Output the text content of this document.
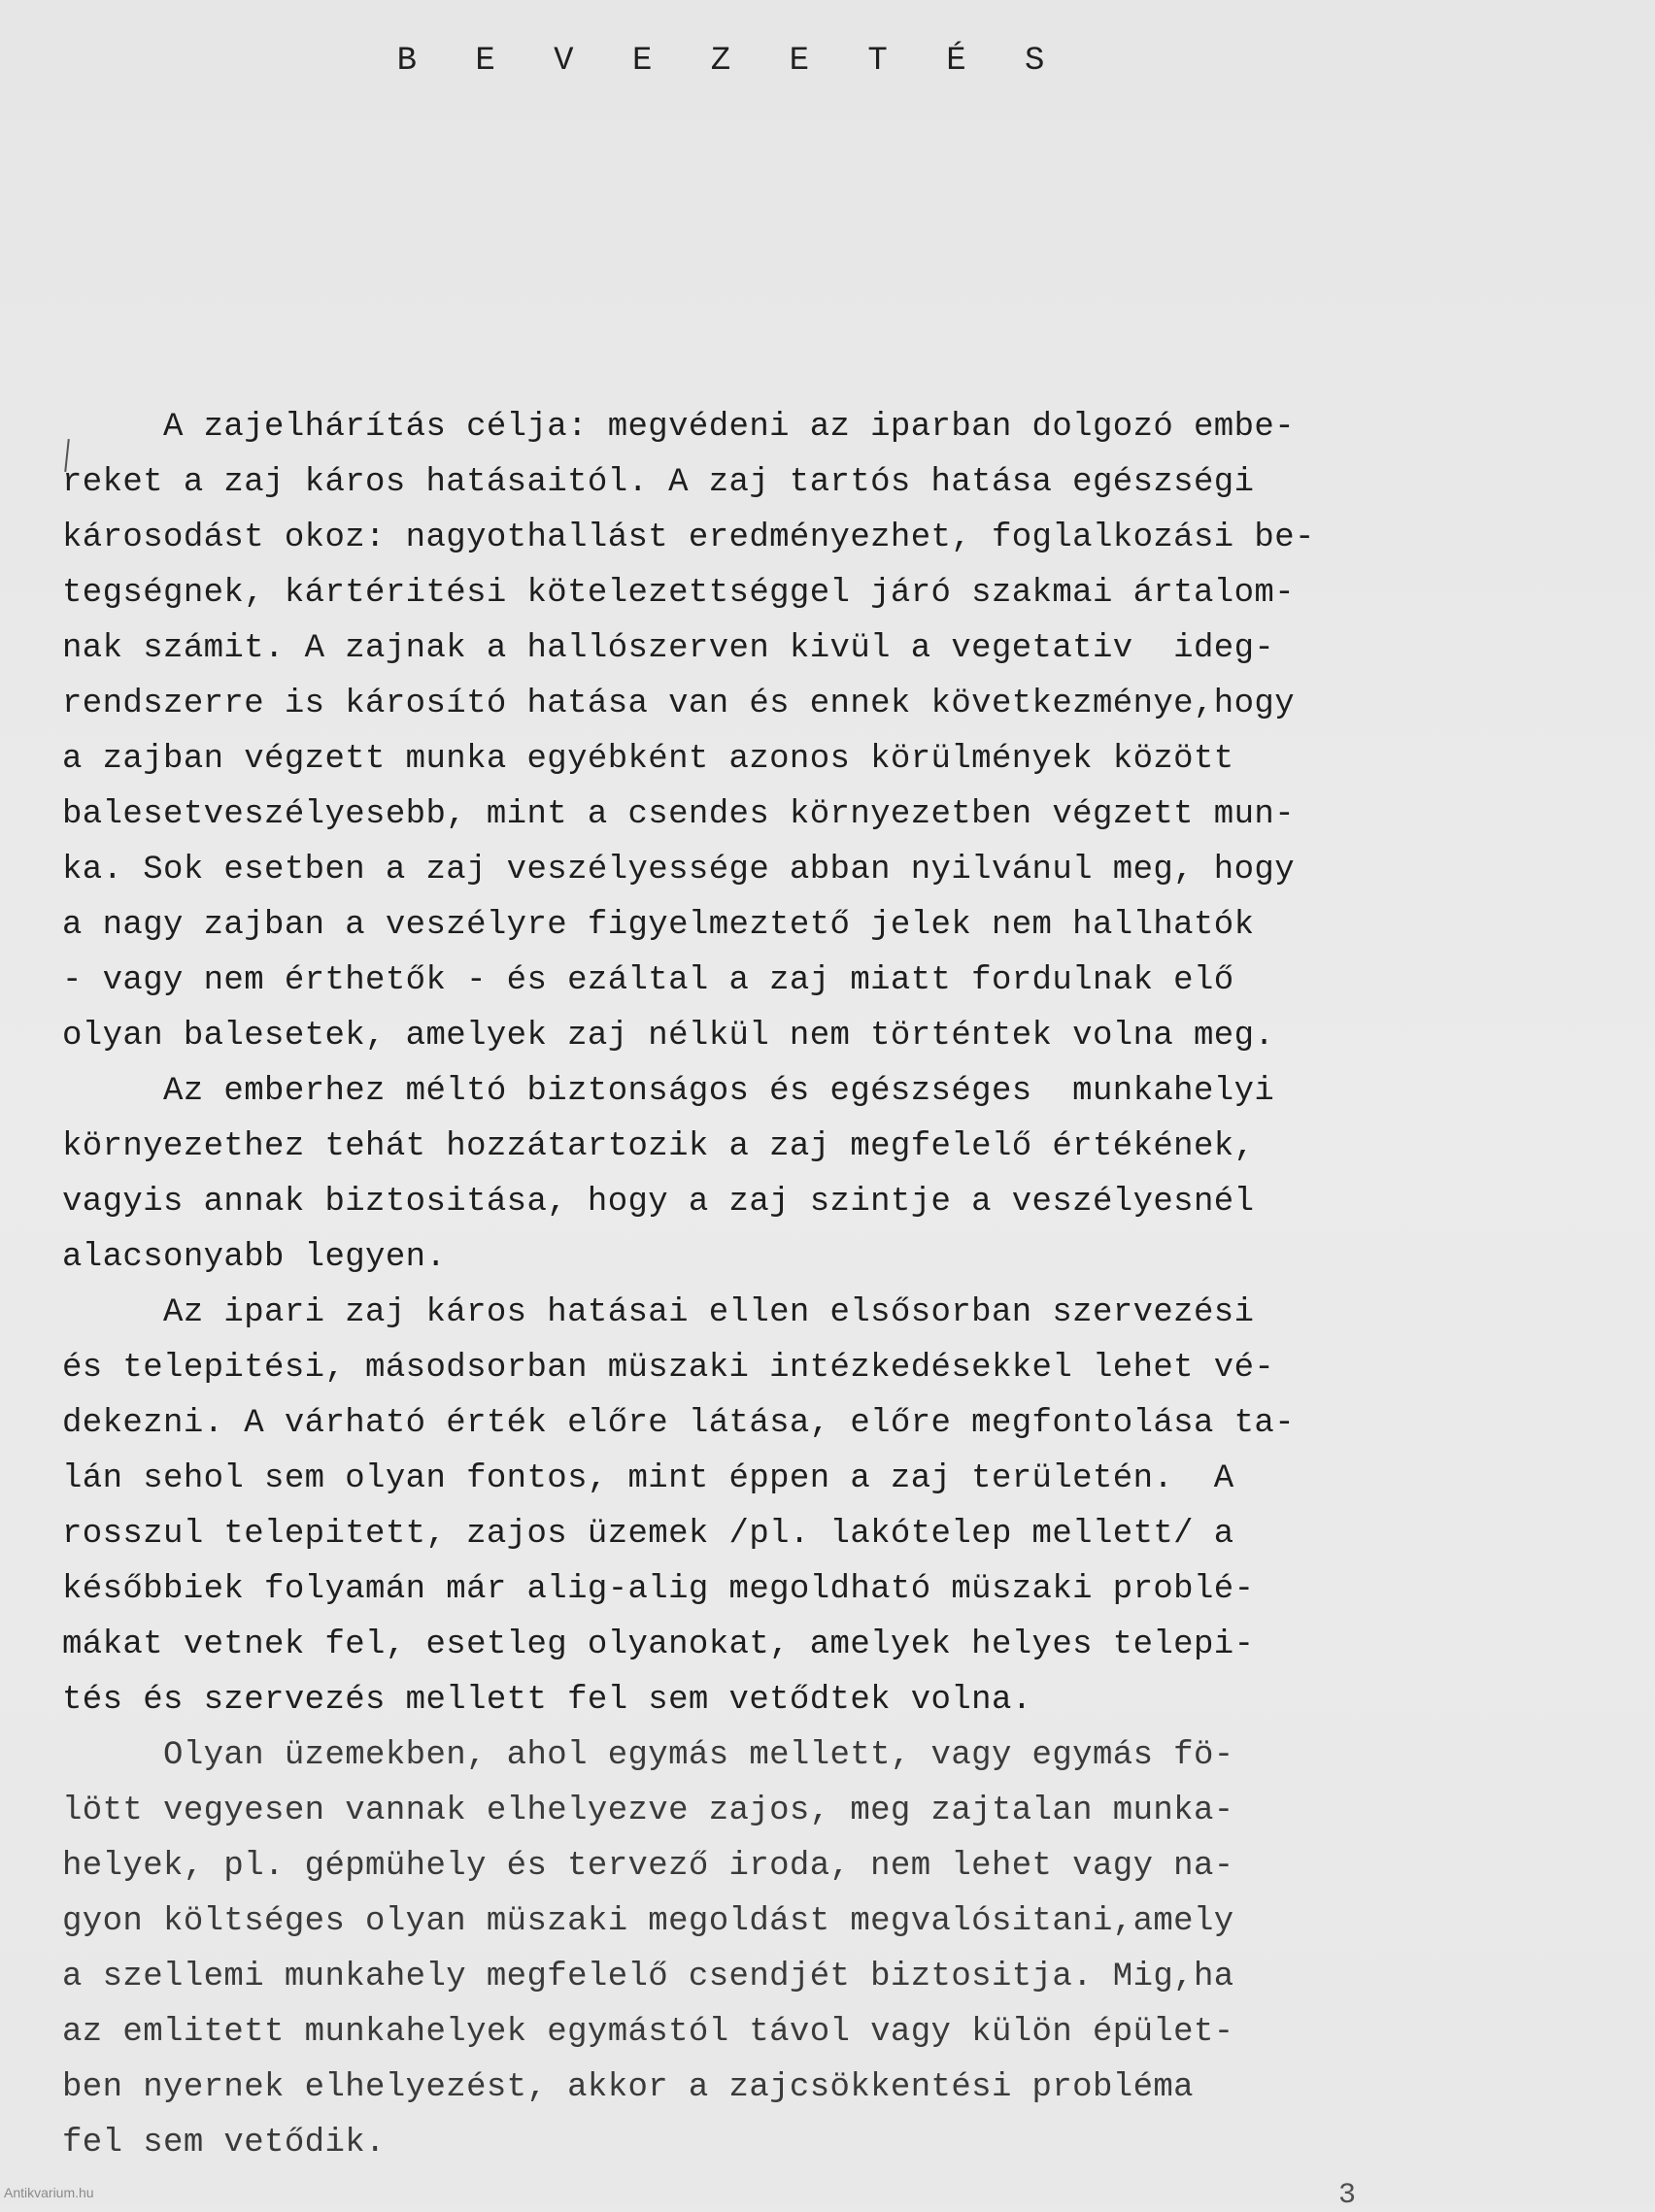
B E V E Z E T É S
A zajelhárítás célja: megvédeni az iparban dolgozó embe-
reket a zaj káros hatásaitól. A zaj tartós hatása egészségi
károsodást okoz: nagyothallást eredményezhet, foglalkozási be-
tegségnek, kártéritési kötelezettséggel járó szakmai ártalom-
nak számit. A zajnak a hallószerven kivül a vegetativ  ideg-
rendszerre is károsító hatása van és ennek következménye,hogy
a zajban végzett munka egyébként azonos körülmények között
balesetveszélyesebb, mint a csendes környezetben végzett mun-
ka. Sok esetben a zaj veszélyessége abban nyilvánul meg, hogy
a nagy zajban a veszélyre figyelmeztető jelek nem hallhatók
- vagy nem érthetők - és ezáltal a zaj miatt fordulnak elő
olyan balesetek, amelyek zaj nélkül nem történtek volna meg.
Az emberhez méltó biztonságos és egészséges  munkahelyi
környezethez tehát hozzátartozik a zaj megfelelő értékének,
vagyis annak biztositása, hogy a zaj szintje a veszélyesnél
alacsonyabb legyen.
Az ipari zaj káros hatásai ellen elsősorban szervezési
és telepitési, másodsorban müszaki intézkedésekkel lehet vé-
dekezni. A várható érték előre látása, előre megfontolása ta-
lán sehol sem olyan fontos, mint éppen a zaj területén.  A
rosszul telepitett, zajos üzemek /pl. lakótelep mellett/ a
későbbiek folyamán már alig-alig megoldható müszaki problé-
mákat vetnek fel, esetleg olyanokat, amelyek helyes telepi-
tés és szervezés mellett fel sem vetődtek volna.
Olyan üzemekben, ahol egymás mellett, vagy egymás fö-
lött vegyesen vannak elhelyezve zajos, meg zajtalan munka-
helyek, pl. gépmühely és tervező iroda, nem lehet vagy na-
gyon költséges olyan müszaki megoldást megvalósitani,amely
a szellemi munkahely megfelelő csendjét biztositja. Mig,ha
az emlitett munkahelyek egymástól távol vagy külön épület-
ben nyernek elhelyezést, akkor a zajcsökkentési probléma
fel sem vetődik.
3
Antikvarium.hu
